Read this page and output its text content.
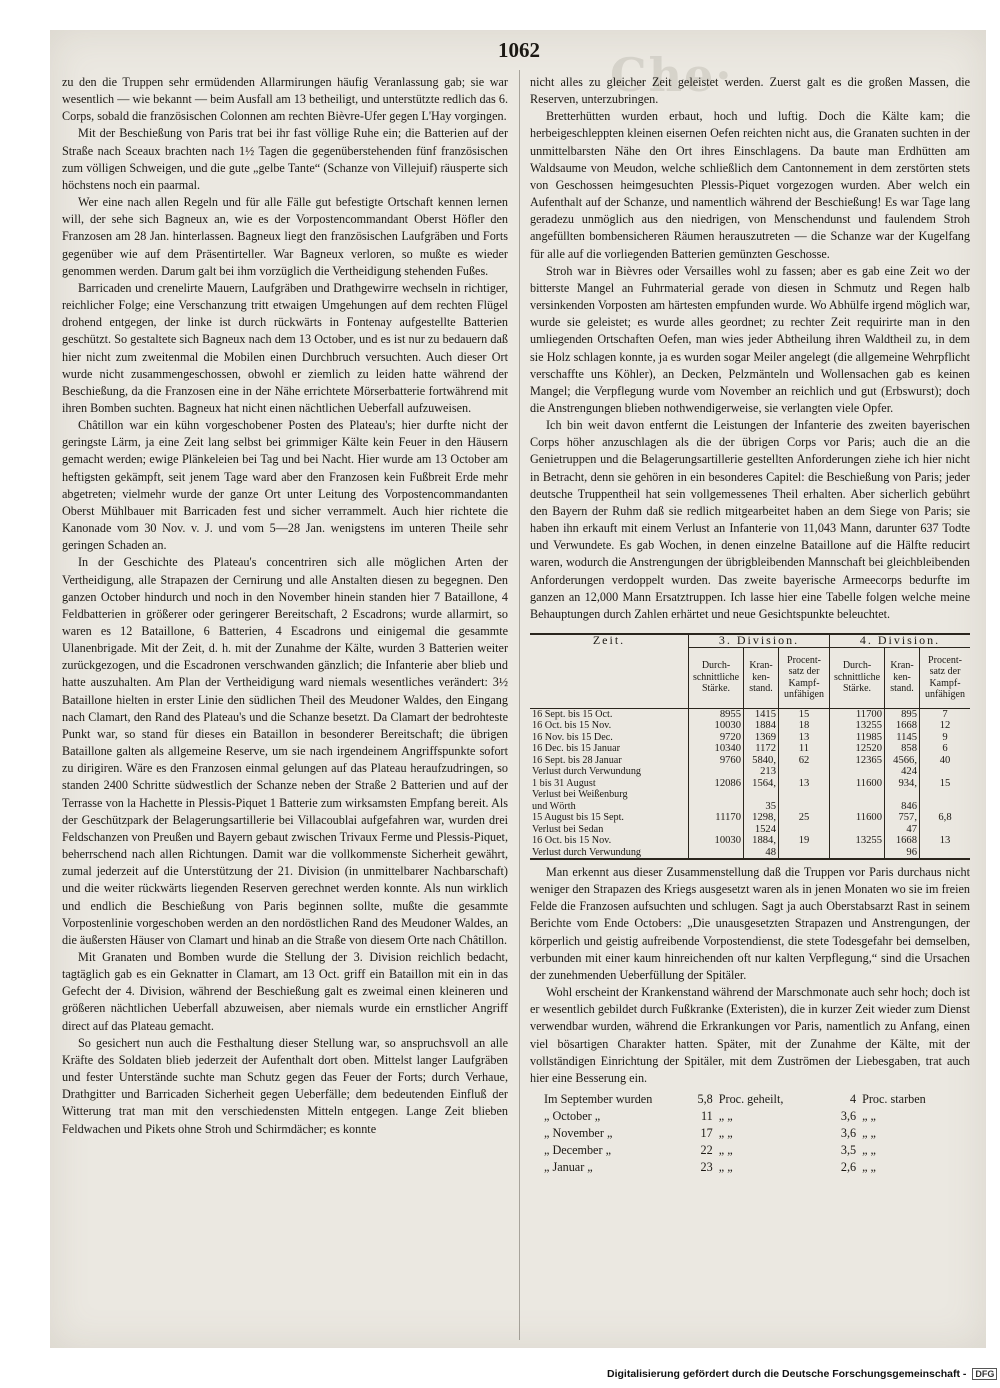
Che·
1062

zu den die Truppen sehr ermüdenden Allarmirungen häufig Veranlassung gab; sie war wesentlich — wie bekannt — beim Ausfall am 13 betheiligt, und unterstützte redlich das 6. Corps, sobald die französischen Colonnen am rechten Bièvre-Ufer gegen L'Hay vorgingen.

Mit der Beschießung von Paris trat bei ihr fast völlige Ruhe ein; die Batterien auf der Straße nach Sceaux brachten nach 1½ Tagen die gegenüberstehenden fünf französischen zum völligen Schweigen, und die gute „gelbe Tante“ (Schanze von Villejuif) räusperte sich höchstens noch ein paarmal.

Wer eine nach allen Regeln und für alle Fälle gut befestigte Ortschaft kennen lernen will, der sehe sich Bagneux an, wie es der Vorpostencommandant Oberst Höfler den Franzosen am 28 Jan. hinterlassen. Bagneux liegt den französischen Laufgräben und Forts gegenüber wie auf dem Präsentirteller. War Bagneux verloren, so mußte es wieder genommen werden. Darum galt bei ihm vorzüglich die Vertheidigung stehenden Fußes.

Barricaden und crenelirte Mauern, Laufgräben und Drathgewirre wechseln in richtiger, reichlicher Folge; eine Verschanzung tritt etwaigen Umgehungen auf dem rechten Flügel drohend entgegen, der linke ist durch rückwärts in Fontenay aufgestellte Batterien geschützt. So gestaltete sich Bagneux nach dem 13 October, und es ist nur zu bedauern daß hier nicht zum zweitenmal die Mobilen einen Durchbruch versuchten. Auch dieser Ort wurde nicht zusammengeschossen, obwohl er ziemlich zu leiden hatte während der Beschießung, da die Franzosen eine in der Nähe errichtete Mörserbatterie fortwährend mit ihren Bomben suchten. Bagneux hat nicht einen nächtlichen Ueberfall aufzuweisen.

Châtillon war ein kühn vorgeschobener Posten des Plateau's; hier durfte nicht der geringste Lärm, ja eine Zeit lang selbst bei grimmiger Kälte kein Feuer in den Häusern gemacht werden; ewige Plänkeleien bei Tag und bei Nacht. Hier wurde am 13 October am heftigsten gekämpft, seit jenem Tage ward aber den Franzosen kein Fußbreit Erde mehr abgetreten; vielmehr wurde der ganze Ort unter Leitung des Vorpostencommandanten Oberst Mühlbauer mit Barricaden fest und sicher verrammelt. Auch hier richtete die Kanonade vom 30 Nov. v. J. und vom 5—28 Jan. wenigstens im unteren Theile sehr geringen Schaden an.

In der Geschichte des Plateau's concentriren sich alle möglichen Arten der Vertheidigung, alle Strapazen der Cernirung und alle Anstalten diesen zu begegnen. Den ganzen October hindurch und noch in den November hinein standen hier 7 Bataillone, 4 Feldbatterien in größerer oder geringerer Bereitschaft, 2 Escadrons; wurde allarmirt, so waren es 12 Bataillone, 6 Batterien, 4 Escadrons und einigemal die gesammte Ulanenbrigade. Mit der Zeit, d. h. mit der Zunahme der Kälte, wurden 3 Batterien weiter zurückgezogen, und die Escadronen verschwanden gänzlich; die Infanterie aber blieb und hatte auszuhalten. Am Plan der Vertheidigung ward niemals wesentliches verändert: 3½ Bataillone hielten in erster Linie den südlichen Theil des Meudoner Waldes, den Eingang nach Clamart, den Rand des Plateau's und die Schanze besetzt. Da Clamart der bedrohteste Punkt war, so stand für dieses ein Bataillon in besonderer Bereitschaft; die übrigen Bataillone galten als allgemeine Reserve, um sie nach irgendeinem Angriffspunkte sofort zu dirigiren. Wäre es den Franzosen einmal gelungen auf das Plateau heraufzudringen, so standen 2400 Schritte südwestlich der Schanze neben der Straße 2 Batterien und auf der Terrasse von la Hachette in Plessis-Piquet 1 Batterie zum wirksamsten Empfang bereit. Als der Geschützpark der Belagerungsartillerie bei Villacoublai aufgefahren war, wurden drei Feldschanzen von Preußen und Bayern gebaut zwischen Trivaux Ferme und Plessis-Piquet, beherrschend nach allen Richtungen. Damit war die vollkommenste Sicherheit gewährt, zumal jederzeit auf die Unterstützung der 21. Division (in unmittelbarer Nachbarschaft) und die weiter rückwärts liegenden Reserven gerechnet werden konnte. Als nun wirklich und endlich die Beschießung von Paris beginnen sollte, mußte die gesammte Vorpostenlinie vorgeschoben werden an den nordöstlichen Rand des Meudoner Waldes, an die äußersten Häuser von Clamart und hinab an die Straße von diesem Orte nach Châtillon.

Mit Granaten und Bomben wurde die Stellung der 3. Division reichlich bedacht, tagtäglich gab es ein Geknatter in Clamart, am 13 Oct. griff ein Bataillon mit ein in das Gefecht der 4. Division, während der Beschießung galt es zweimal einen kleineren und größeren nächtlichen Ueberfall abzuweisen, aber niemals wurde ein ernstlicher Angriff direct auf das Plateau gemacht.

So gesichert nun auch die Festhaltung dieser Stellung war, so anspruchsvoll an alle Kräfte des Soldaten blieb jederzeit der Aufenthalt dort oben. Mittelst langer Laufgräben und fester Unterstände suchte man Schutz gegen das Feuer der Forts; durch Verhaue, Drathgitter und Barricaden Sicherheit gegen Ueberfälle; dem bedeutenden Einfluß der Witterung trat man mit den verschiedensten Mitteln entgegen. Lange Zeit blieben Feldwachen und Pikets ohne Stroh und Schirmdächer; es konnte

nicht alles zu gleicher Zeit geleistet werden. Zuerst galt es die großen Massen, die Reserven, unterzubringen.

Bretterhütten wurden erbaut, hoch und luftig. Doch die Kälte kam; die herbeigeschleppten kleinen eisernen Oefen reichten nicht aus, die Granaten suchten in der unmittelbarsten Nähe den Ort ihres Einschlagens. Da baute man Erdhütten am Waldsaume von Meudon, welche schließlich dem Cantonnement in dem zerstörten stets von Geschossen heimgesuchten Plessis-Piquet vorgezogen wurden. Aber welch ein Aufenthalt auf der Schanze, und namentlich während der Beschießung! Es war Tage lang geradezu unmöglich aus den niedrigen, von Menschendunst und faulendem Stroh angefüllten bombensicheren Räumen herauszutreten — die Schanze war der Kugelfang für alle auf die vorliegenden Batterien gemünzten Geschosse.

Stroh war in Bièvres oder Versailles wohl zu fassen; aber es gab eine Zeit wo der bitterste Mangel an Fuhrmaterial gerade von diesen in Schmutz und Regen halb versinkenden Vorposten am härtesten empfunden wurde. Wo Abhülfe irgend möglich war, wurde sie geleistet; es wurde alles geordnet; zu rechter Zeit requirirte man in den umliegenden Ortschaften Oefen, man wies jeder Abtheilung ihren Waldtheil zu, in dem sie Holz schlagen konnte, ja es wurden sogar Meiler angelegt (die allgemeine Wehrpflicht verschaffte uns Köhler), an Decken, Pelzmänteln und Wollensachen gab es keinen Mangel; die Verpflegung wurde vom November an reichlich und gut (Erbswurst); doch die Anstrengungen blieben nothwendigerweise, sie verlangten viele Opfer.

Ich bin weit davon entfernt die Leistungen der Infanterie des zweiten bayerischen Corps höher anzuschlagen als die der übrigen Corps vor Paris; auch die an die Genietruppen und die Belagerungsartillerie gestellten Anforderungen ziehe ich hier nicht in Betracht, denn sie gehören in ein besonderes Capitel: die Beschießung von Paris; jeder deutsche Truppentheil hat sein vollgemessenes Theil erhalten. Aber sicherlich gebührt den Bayern der Ruhm daß sie redlich mitgearbeitet haben an dem Siege von Paris; sie haben ihn erkauft mit einem Verlust an Infanterie von 11,043 Mann, darunter 637 Todte und Verwundete. Es gab Wochen, in denen einzelne Bataillone auf die Hälfte reducirt waren, wodurch die Anstrengungen der übrigbleibenden Mannschaft bei gleichbleibenden Anforderungen verdoppelt wurden. Das zweite bayerische Armeecorps bedurfte im ganzen an 12,000 Mann Ersatztruppen. Ich lasse hier eine Tabelle folgen welche meine Behauptungen durch Zahlen erhärtet und neue Gesichtspunkte beleuchtet.

Zeit.	3. Division.			4. Division.		
	Durch-schnittliche Stärke.	Kran-ken-stand.	Procent-satz der Kampf-unfähigen	Durch-schnittliche Stärke.	Kran-ken-stand.	Procent-satz der Kampf-unfähigen
16 Sept. bis 15 Oct.	8955	1415	15	11700	895	7
16 Oct. bis 15 Nov.	10030	1884	18	13255	1668	12
16 Nov. bis 15 Dec.	9720	1369	13	11985	1145	9
16 Dec. bis 15 Januar	10340	1172	11	12520	858	6
16 Sept. bis 28 Januar	9760	5840,	62	12365	4566,	40
Verlust durch Verwundung		213			424	
1 bis 31 August	12086	1564,	13	11600	934,	15
Verlust bei Weißenburg						
und Wörth		35			846	
15 August bis 15 Sept.	11170	1298,	25	11600	757,	6,8
Verlust bei Sedan		1524			47	
16 Oct. bis 15 Nov.	10030	1884,	19	13255	1668	13
Verlust durch Verwundung		48			96	

Man erkennt aus dieser Zusammenstellung daß die Truppen vor Paris durchaus nicht weniger den Strapazen des Kriegs ausgesetzt waren als in jenen Monaten wo sie im freien Felde die Franzosen aufsuchten und schlugen. Sagt ja auch Oberstabsarzt Rast in seinem Berichte vom Ende Octobers: „Die unausgesetzten Strapazen und Anstrengungen, der körperlich und geistig aufreibende Vorpostendienst, die stete Todesgefahr bei demselben, verbunden mit einer kaum hinreichenden oft nur kalten Verpflegung,“ sind die Ursachen der zunehmenden Ueberfüllung der Spitäler.

Wohl erscheint der Krankenstand während der Marschmonate auch sehr hoch; doch ist er wesentlich gebildet durch Fußkranke (Exteristen), die in kurzer Zeit wieder zum Dienst verwendbar wurden, während die Erkrankungen vor Paris, namentlich zu Anfang, einen viel bösartigen Charakter hatten. Später, mit der Zunahme der Kälte, mit der vollständigen Einrichtung der Spitäler, mit dem Zuströmen der Liebesgaben, trat auch hier eine Besserung ein.

Im September wurden	5,8 Proc. geheilt,	4 Proc. starben
„ October „	11 „ „	3,6 „ „
„ November „	17 „ „	3,6 „ „
„ December „	22 „ „	3,5 „ „
„ Januar „	23 „ „	2,6 „ „
Digitalisierung gefördert durch die Deutsche Forschungsgemeinschaft - DFG
